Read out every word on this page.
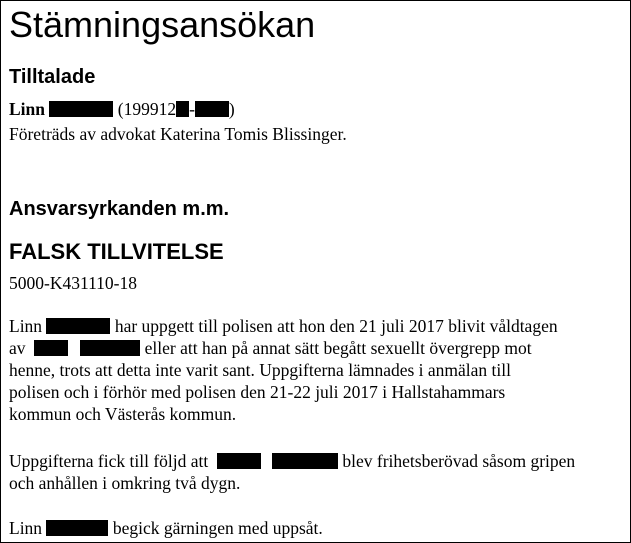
Stämningsansökan
Tilltalade
Linn	(199912 - )
Företräds av advokat Katerina Tomis Blissinger.
Ansvarsyrkanden m.m.
FALSK TILLVITELSE
5000-K431110-18
Linn	har uppgett till polisen att hon den 21 juli 2017 blivit våldtagen
av	eller att han på annat sätt begått sexuellt övergrepp mot
henne, trots att detta inte varit sant. Uppgifterna lämnades i anmälan till
polisen och i förhör med polisen den 21-22 juli 2017 i Hallstahammars
kommun och Västerås kommun.
Uppgifterna fick till följd att	blev frihetsberövad såsom gripen
och anhållen i omkring två dygn.
Linn	begick gärningen med uppsåt.
